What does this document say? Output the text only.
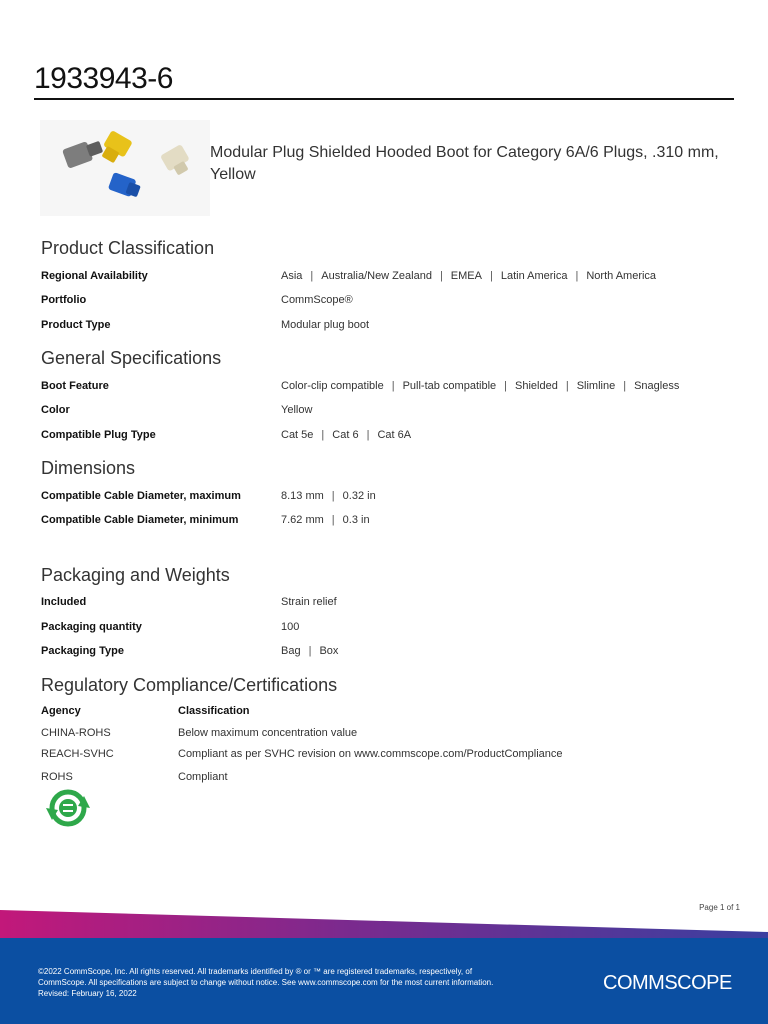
1933943-6
Modular Plug Shielded Hooded Boot for Category 6A/6 Plugs, .310 mm, Yellow
Product Classification
Regional Availability	Asia | Australia/New Zealand | EMEA | Latin America | North America
Portfolio	CommScope®
Product Type	Modular plug boot
General Specifications
Boot Feature	Color-clip compatible | Pull-tab compatible | Shielded | Slimline | Snagless
Color	Yellow
Compatible Plug Type	Cat 5e | Cat 6 | Cat 6A
Dimensions
Compatible Cable Diameter, maximum	8.13 mm | 0.32 in
Compatible Cable Diameter, minimum	7.62 mm | 0.3 in
Packaging and Weights
Included	Strain relief
Packaging quantity	100
Packaging Type	Bag | Box
Regulatory Compliance/Certifications
Agency	Classification
CHINA-ROHS	Below maximum concentration value
REACH-SVHC	Compliant as per SVHC revision on www.commscope.com/ProductCompliance
ROHS	Compliant
Page 1 of 1
©2022 CommScope, Inc. All rights reserved. All trademarks identified by ® or ™ are registered trademarks, respectively, of CommScope. All specifications are subject to change without notice. See www.commscope.com for the most current information. Revised: February 16, 2022	COMMSCOPE
